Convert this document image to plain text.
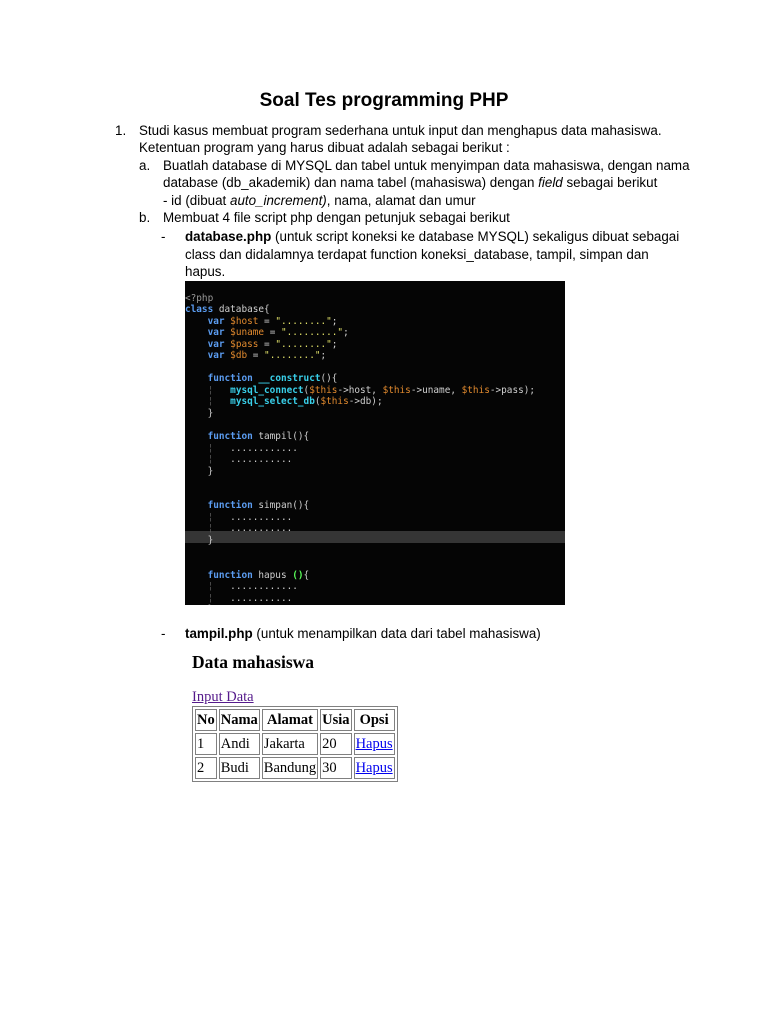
Soal Tes programming PHP
1. Studi kasus membuat program sederhana untuk input dan menghapus data mahasiswa.
Ketentuan program yang harus dibuat adalah sebagai berikut :
a. Buatlah database di MYSQL dan tabel untuk menyimpan data mahasiswa, dengan nama
database (db_akademik) dan nama tabel (mahasiswa) dengan field sebagai berikut
- id (dibuat auto_increment), nama, alamat dan umur
b. Membuat 4 file script php dengan petunjuk sebagai berikut
- database.php (untuk script koneksi ke database MYSQL) sekaligus dibuat sebagai
class dan didalamnya terdapat function koneksi_database, tampil, simpan dan
hapus.

<?php
class database{
var $host = "........";
var $uname = ".........";
var $pass = "........";
var $db = "........";

function __construct(){
¦ mysql_connect($this->host, $this->uname, $this->pass);
¦ mysql_select_db($this->db);
}

function tampil(){
¦ ............
¦ ...........
}

function simpan(){
¦ ...........
¦ ...........
}

function hapus (){
¦ ............
¦ ...........

- tampil.php (untuk menampilkan data dari tabel mahasiswa)
Data mahasiswa
Input Data
No	Nama	Alamat	Usia	Opsi
1	Andi	Jakarta	20	Hapus
2	Budi	Bandung	30	Hapus
